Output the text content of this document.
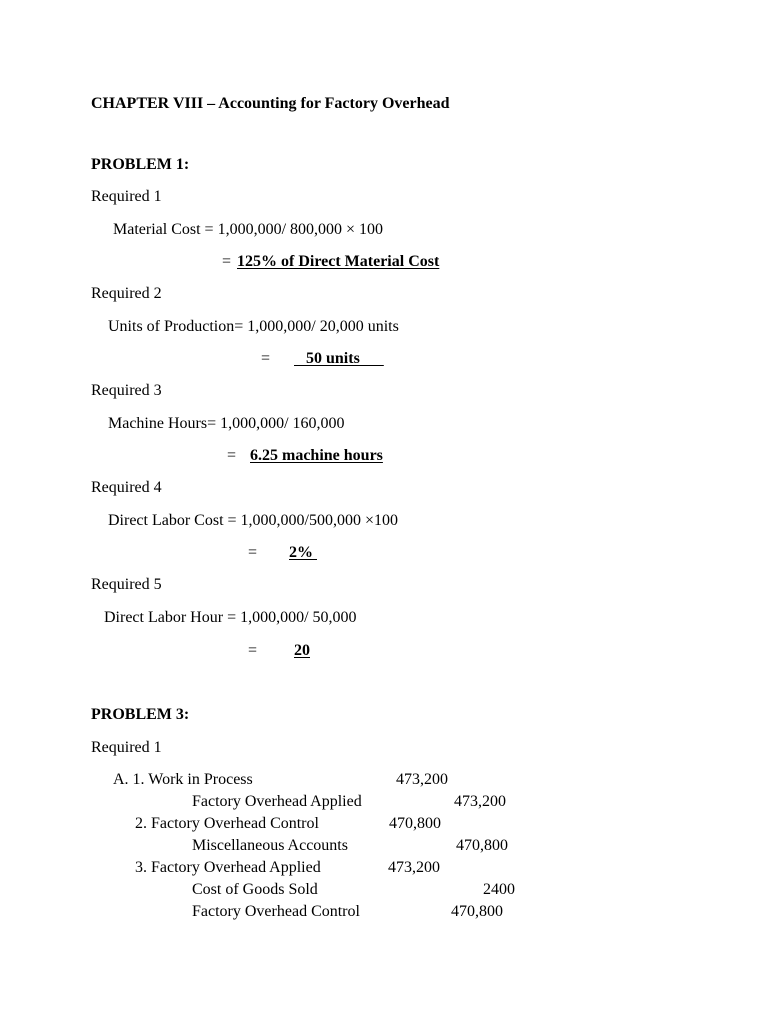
CHAPTER VIII – Accounting for Factory Overhead
PROBLEM 1:
Required 1
Material Cost = 1,000,000/ 800,000 × 100
= 125% of Direct Material Cost
Required 2
Units of Production= 1,000,000/ 20,000 units
= 50 units
Required 3
Machine Hours= 1,000,000/ 160,000
= 6.25 machine hours
Required 4
Direct Labor Cost = 1,000,000/500,000 ×100
= 2%
Required 5
Direct Labor Hour = 1,000,000/ 50,000
= 20
PROBLEM 3:
Required 1
A. 1. Work in Process	473,200
Factory Overhead Applied	473,200
2. Factory Overhead Control	470,800
Miscellaneous Accounts	470,800
3. Factory Overhead Applied	473,200
Cost of Goods Sold	2400
Factory Overhead Control	470,800
